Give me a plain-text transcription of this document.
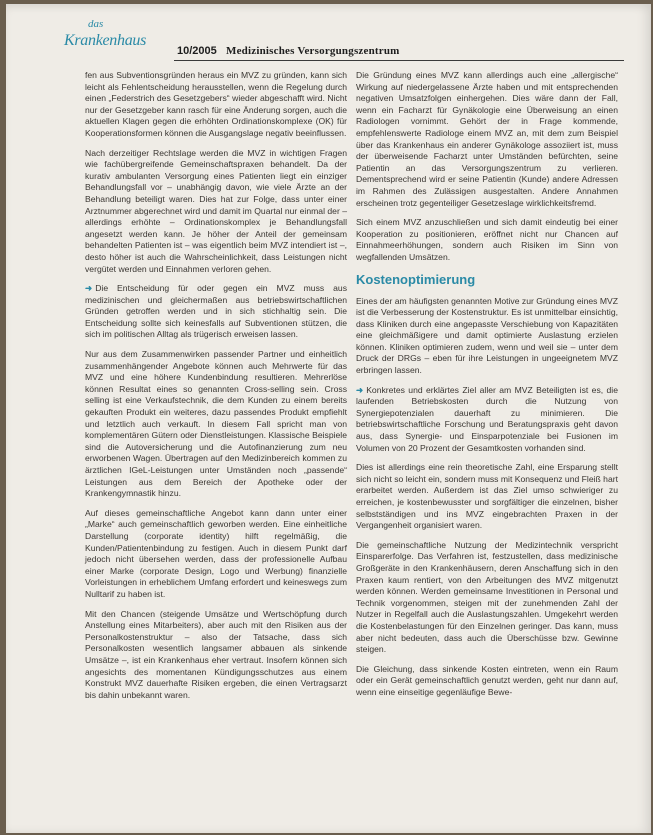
das
Krankenhaus
10/2005 Medizinisches Versorgungszentrum

fen aus Subventionsgründen heraus ein MVZ zu gründen, kann sich leicht als Fehlentscheidung herausstellen, wenn die Regelung durch einen „Federstrich des Gesetzgebers“ wieder abgeschafft wird. Nicht nur der Gesetzgeber kann rasch für eine Änderung sorgen, auch die aktuellen Klagen gegen die erhöhten Ordinationskomplexe (OK) für Kooperationsformen können die Ausgangslage negativ beeinflussen.

Nach derzeitiger Rechtslage werden die MVZ in wichtigen Fragen wie fachübergreifende Gemeinschaftspraxen behandelt. Da der kurativ ambulanten Versorgung eines Patienten liegt ein einziger Behandlungsfall vor – unabhängig davon, wie viele Ärzte an der Behandlung beteiligt waren. Dies hat zur Folge, dass unter einer Arztnummer abgerechnet wird und damit im Quartal nur einmal der – allerdings erhöhte – Ordinationskomplex je Behandlungsfall angesetzt werden kann. Je höher der Anteil der gemeinsam behandelten Patienten ist – was eigentlich beim MVZ intendiert ist –, desto höher ist auch die Wahrscheinlichkeit, dass Leistungen nicht vergütet werden und Einnahmen verloren gehen.

➜ Die Entscheidung für oder gegen ein MVZ muss aus medizinischen und gleichermaßen aus betriebswirtschaftlichen Gründen getroffen werden und in sich stichhaltig sein. Die Entscheidung sollte sich keinesfalls auf Subventionen stützen, die sich im politischen Alltag als trügerisch erweisen lassen.

Nur aus dem Zusammenwirken passender Partner und einheitlich zusammenhängender Angebote können auch Mehrwerte für das MVZ und eine höhere Kundenbindung resultieren. Mehrerlöse können Resultat eines so genannten Cross-selling sein. Cross selling ist eine Verkaufstechnik, die dem Kunden zu einem bereits gekauften Produkt ein weiteres, dazu passendes Produkt empfiehlt und letztlich auch verkauft. In diesem Fall spricht man von komplementären Gütern oder Dienstleistungen. Klassische Beispiele sind die Autoversicherung und die Autofinanzierung zum neu erworbenen Wagen. Übertragen auf den Medizinbereich kommen zu ärztlichen IGeL-Leistungen unter Umständen noch „passende“ Leistungen aus dem Bereich der Apotheke oder der Krankengymnastik hinzu.

Auf dieses gemeinschaftliche Angebot kann dann unter einer „Marke“ auch gemeinschaftlich geworben werden. Eine einheitliche Darstellung (corporate identity) hilft regelmäßig, die Kunden/Patientenbindung zu festigen. Auch in diesem Punkt darf jedoch nicht übersehen werden, dass der professionelle Aufbau einer Marke (corporate Design, Logo und Werbung) finanzielle Vorleistungen in erheblichem Umfang erfordert und keineswegs zum Nulltarif zu haben ist.

Mit den Chancen (steigende Umsätze und Wertschöpfung durch Anstellung eines Mitarbeiters), aber auch mit den Risiken aus der Personalkostenstruktur – also der Tatsache, dass sich Personalkosten wesentlich langsamer abbauen als sinkende Umsätze –, ist ein Krankenhaus eher vertraut. Insofern können sich angesichts des momentanen Kündigungsschutzes aus einem Konstrukt MVZ dauerhafte Risiken ergeben, die einen Vertragsarzt bis dahin unbekannt waren.

Die Gründung eines MVZ kann allerdings auch eine „allergische“ Wirkung auf niedergelassene Ärzte haben und mit entsprechenden negativen Umsatzfolgen einhergehen. Dies wäre dann der Fall, wenn ein Facharzt für Gynäkologie eine Überweisung an einen Radiologen vornimmt. Gehört der in Frage kommende, empfehlenswerte Radiologe einem MVZ an, mit dem zum Beispiel über das Krankenhaus ein anderer Gynäkologe assoziiert ist, muss der überweisende Facharzt unter Umständen befürchten, seine Patientin an das Versorgungszentrum zu verlieren. Dementsprechend wird er seine Patientin (Kunde) andere Adressen im Rahmen des Zulässigen ausgestalten. Andere Annahmen erscheinen trotz gegenteiliger Gesetzeslage wirklichkeitsfremd.

Sich einem MVZ anzuschließen und sich damit eindeutig bei einer Kooperation zu positionieren, eröffnet nicht nur Chancen auf Einnahmeerhöhungen, sondern auch Risiken im Sinn von wegfallenden Umsätzen.

Kostenoptimierung

Eines der am häufigsten genannten Motive zur Gründung eines MVZ ist die Verbesserung der Kostenstruktur. Es ist unmittelbar einsichtig, dass Kliniken durch eine angepasste Verschiebung von Kapazitäten eine gleichmäßigere und damit optimierte Auslastung erzielen können. Kliniken optimieren zudem, wenn und weil sie – unter dem Druck der DRGs – eben für ihre Leistungen in ungeeignetem MVZ erbringen lassen.

➜ Konkretes und erklärtes Ziel aller am MVZ Beteiligten ist es, die laufenden Betriebskosten durch die Nutzung von Synergiepotenzialen dauerhaft zu minimieren. Die betriebswirtschaftliche Forschung und Beratungspraxis geht davon aus, dass Synergie- und Einsparpotenziale bei Fusionen im Volumen von 20 Prozent der Gesamtkosten vorhanden sind.

Dies ist allerdings eine rein theoretische Zahl, eine Ersparung stellt sich nicht so leicht ein, sondern muss mit Konsequenz und Fleiß hart erarbeitet werden. Außerdem ist das Ziel umso schwieriger zu erreichen, je kostenbewusster und sorgfältiger die einzelnen, bisher selbstständigen und ins MVZ eingebrachten Praxen in der Vergangenheit organisiert waren.

Die gemeinschaftliche Nutzung der Medizintechnik verspricht Einsparerfolge. Das Verfahren ist, festzustellen, dass medizinische Großgeräte in den Krankenhäusern, deren Anschaffung sich in den Praxen kaum rentiert, von den Arbeitungen des MVZ mitgenutzt werden können. Werden gemeinsame Investitionen in Personal und Technik vorgenommen, steigen mit der zunehmenden Zahl der Nutzer in Regelfall auch die Auslastungszahlen. Umgekehrt werden die Kostenbelastungen für den Einzelnen geringer. Das kann, muss aber nicht bedeuten, dass auch die Überschüsse bzw. Gewinne steigen.

Die Gleichung, dass sinkende Kosten eintreten, wenn ein Raum oder ein Gerät gemeinschaftlich genutzt werden, geht nur dann auf, wenn eine einseitige gegenläufige Bewe-
